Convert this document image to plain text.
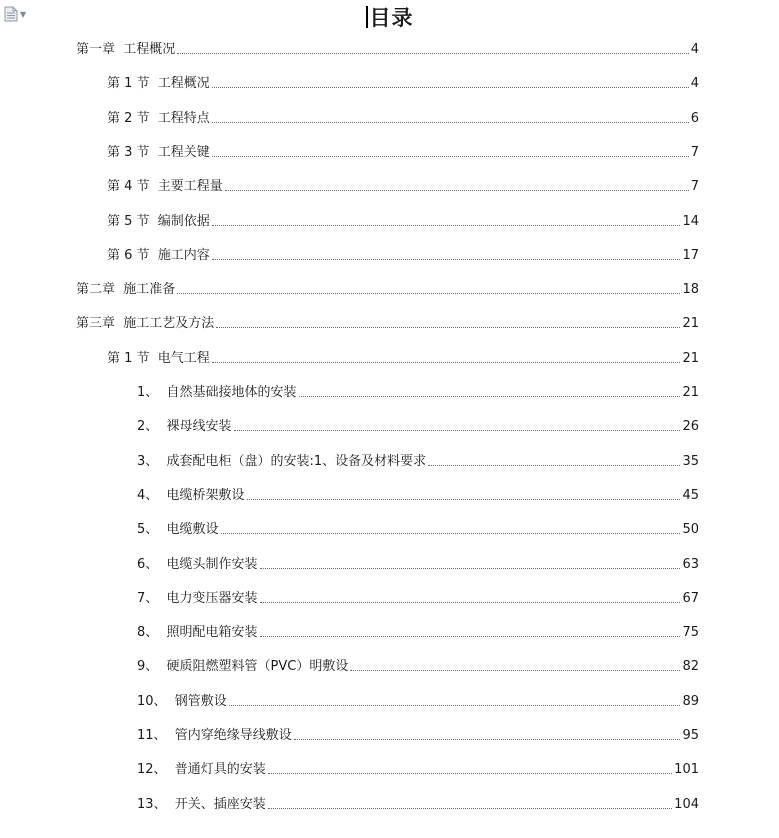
▼	目录
第一章  工程概况	4
第 1 节  工程概况	4
第 2 节  工程特点	6
第 3 节  工程关键	7
第 4 节  主要工程量	7
第 5 节  编制依据	14
第 6 节  施工内容	17
第二章  施工准备	18
第三章  施工工艺及方法	21
第 1 节  电气工程	21
1、  自然基础接地体的安装	21
2、  裸母线安装	26
3、  成套配电柜（盘）的安装:1、设备及材料要求	35
4、  电缆桥架敷设	45
5、  电缆敷设	50
6、  电缆头制作安装	63
7、  电力变压器安装	67
8、  照明配电箱安装	75
9、  硬质阻燃塑料管（PVC）明敷设	82
10、  钢管敷设	89
11、  管内穿绝缘导线敷设	95
12、  普通灯具的安装	101
13、  开关、插座安装	104
